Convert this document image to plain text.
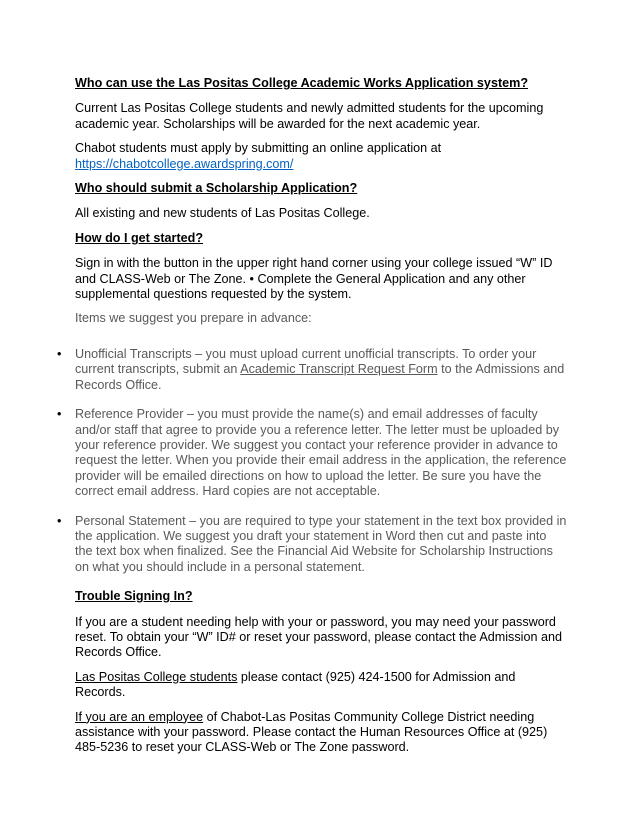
Who can use the Las Positas College Academic Works Application system?

Current Las Positas College students and newly admitted students for the upcoming academic year. Scholarships will be awarded for the next academic year.

Chabot students must apply by submitting an online application at
https://chabotcollege.awardspring.com/

Who should submit a Scholarship Application?

All existing and new students of Las Positas College.

How do I get started?

Sign in with the button in the upper right hand corner using your college issued “W” ID and CLASS-Web or The Zone. • Complete the General Application and any other supplemental questions requested by the system.

Items we suggest you prepare in advance:

• Unofficial Transcripts – you must upload current unofficial transcripts. To order your current transcripts, submit an Academic Transcript Request Form to the Admissions and Records Office.
• Reference Provider – you must provide the name(s) and email addresses of faculty and/or staff that agree to provide you a reference letter. The letter must be uploaded by your reference provider. We suggest you contact your reference provider in advance to request the letter. When you provide their email address in the application, the reference provider will be emailed directions on how to upload the letter. Be sure you have the correct email address. Hard copies are not acceptable.
• Personal Statement – you are required to type your statement in the text box provided in the application. We suggest you draft your statement in Word then cut and paste into the text box when finalized. See the Financial Aid Website for Scholarship Instructions on what you should include in a personal statement.
Trouble Signing In?

If you are a student needing help with your or password, you may need your password reset. To obtain your “W” ID# or reset your password, please contact the Admission and Records Office.

Las Positas College students please contact (925) 424-1500 for Admission and Records.

If you are an employee of Chabot-Las Positas Community College District needing assistance with your password. Please contact the Human Resources Office at (925) 485-5236 to reset your CLASS-Web or The Zone password.
